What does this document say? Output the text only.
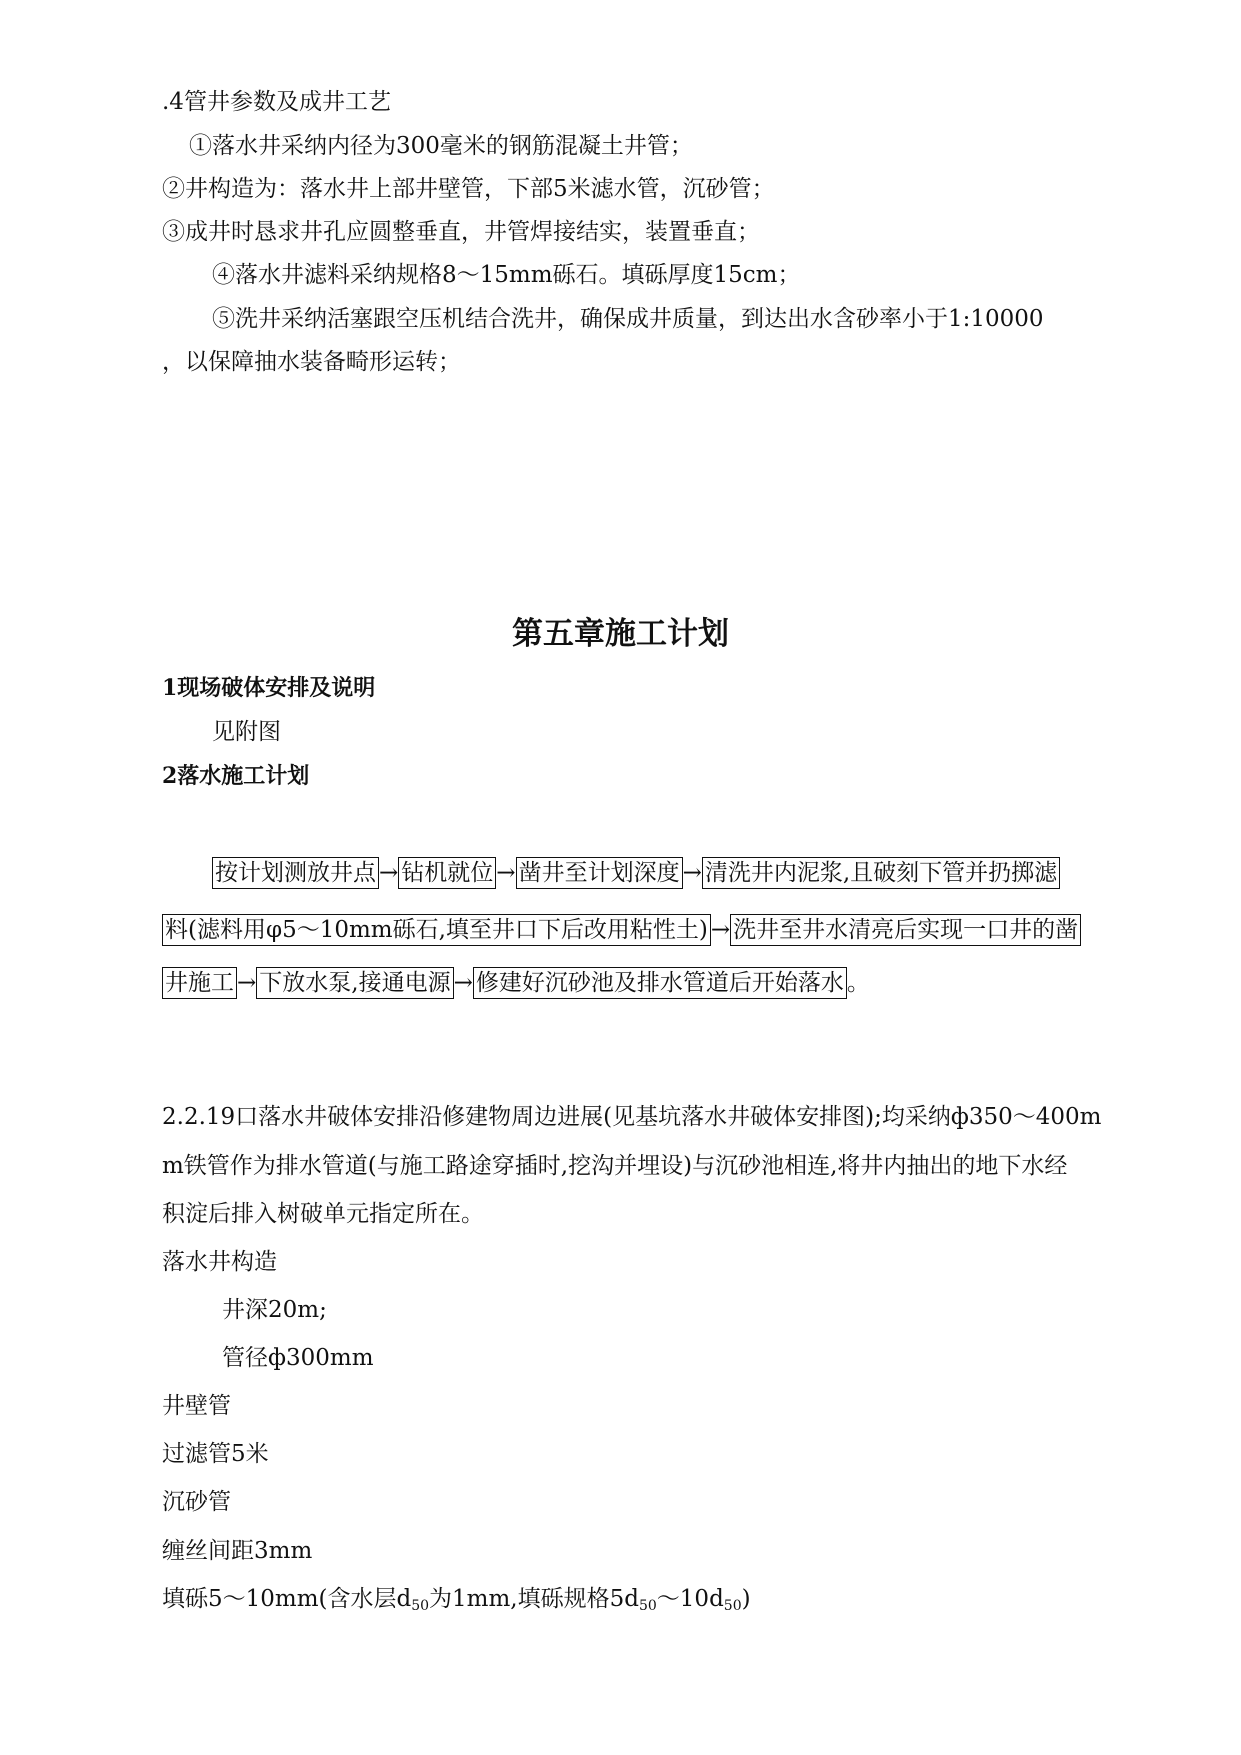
.4管井参数及成井工艺
①落水井采纳内径为300毫米的钢筋混凝土井管；
②井构造为：落水井上部井壁管，下部5米滤水管，沉砂管；
③成井时恳求井孔应圆整垂直，井管焊接结实，装置垂直；
④落水井滤料采纳规格8～15mm砾石。填砾厚度15cm；
⑤洗井采纳活塞跟空压机结合洗井，确保成井质量，到达出水含砂率小于1:10000
，以保障抽水装备畸形运转；
第五章施工计划
1现场破体安排及说明
见附图
2落水施工计划
按计划测放井点 → 钻机就位 → 凿井至计划深度 → 清洗井内泥浆,且破刻下管并扔掷滤
料(滤料用φ5～10mm砾石,填至井口下后改用粘性土) → 洗井至井水清亮后实现一口井的凿
井施工 → 下放水泵,接通电源 → 修建好沉砂池及排水管道后开始落水 。
2.2.19口落水井破体安排沿修建物周边进展(见基坑落水井破体安排图);均采纳ф350～400m
m铁管作为排水管道(与施工路途穿插时,挖沟并埋设)与沉砂池相连,将井内抽出的地下水经
积淀后排入树破单元指定所在。
落水井构造
井深20m;
管径ф300mm
井壁管
过滤管5米
沉砂管
缠丝间距3mm
填砾5～10mm(含水层$d_{50}$为1mm,填砾规格$5d_{50}\sim 10d_{50}$)
